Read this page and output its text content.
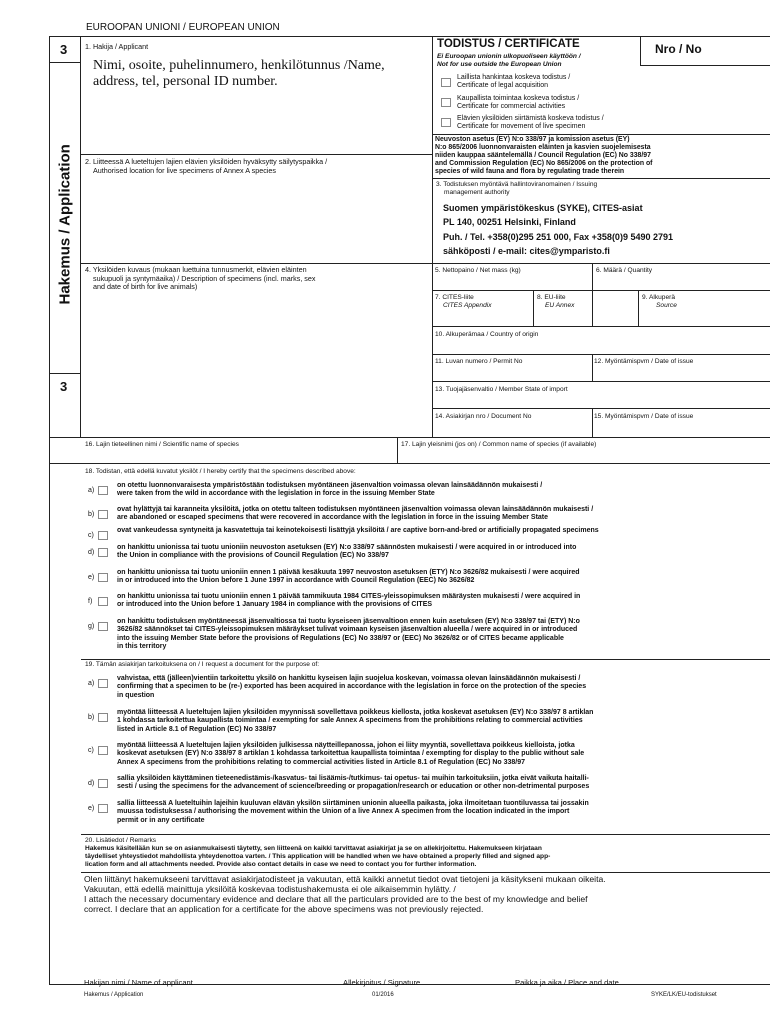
EUROOPAN UNIONI / EUROPEAN UNION
3
Hakemus / Application
3
1. Hakija / Applicant
Nimi, osoite, puhelinnumero, henkilötunnus /Name,
address, tel, personal ID number.
2. Liitteessä A lueteltujen lajien elävien yksilöiden hyväksytty säilytyspaikka /
Authorised location for live specimens of Annex A species
4. Yksilöiden kuvaus (mukaan luettuina tunnusmerkit, elävien eläinten
sukupuoli ja syntymäaika) / Description of specimens (incl. marks, sex
and date of birth for live animals)
TODISTUS / CERTIFICATE	Nro / No
Ei Euroopan unionin ulkopuoliseen käyttöön /
Not for use outside the European Union
Laillista hankintaa koskeva todistus /
Certificate of legal acquisition
Kaupallista toimintaa koskeva todistus /
Certificate for commercial activities
Elävien yksilöiden siirtämistä koskeva todistus /
Certificate for movement of live specimen
Neuvoston asetus (EY) N:o 338/97 ja komission asetus (EY)
N:o 865/2006 luonnonvaraisten eläinten ja kasvien suojelemisesta
niiden kauppaa sääntelemällä / Council Regulation (EC) No 338/97
and Commission Regulation (EC) No 865/2006 on the protection of
species of wild fauna and flora by regulating trade therein
3. Todistuksen myöntävä hallintoviranomainen / Issuing
management authority
Suomen ympäristökeskus (SYKE), CITES-asiat
PL 140, 00251 Helsinki, Finland
Puh. / Tel. +358(0)295 251 000, Fax +358(0)9 5490 2791
sähköposti / e-mail: cites@ymparisto.fi
5. Nettopaino / Net mass (kg)	6. Määrä / Quantity
7. CITES-liite
CITES Appendix
8. EU-liite
EU Annex
9. Alkuperä
Source
10. Alkuperämaa / Country of origin
11. Luvan numero / Permit No	12. Myöntämispvm / Date of issue
13. Tuojajäsenvaltio / Member State of import
14. Asiakirjan nro / Document No	15. Myöntämispvm / Date of issue
16. Lajin tieteellinen nimi / Scientific name of species	17. Lajin yleisnimi (jos on) / Common name of species (if available)
18. Todistan, että edellä kuvatut yksilöt / I hereby certify that the specimens described above:
a)
on otettu luonnonvaraisesta ympäristöstään todistuksen myöntäneen jäsenvaltion voimassa olevan lainsäädännön mukaisesti /
were taken from the wild in accordance with the legislation in force in the issuing Member State
b)
ovat hylättyjä tai karanneita yksilöitä, jotka on otettu talteen todistuksen myöntäneen jäsenvaltion voimassa olevan lainsäädännön mukaisesti /
are abandoned or escaped specimens that were recovered in accordance with the legislation in force in the issuing Member State
c)
ovat vankeudessa syntyneitä ja kasvatettuja tai keinotekoisesti lisättyjä yksilöitä / are captive born-and-bred or artificially propagated specimens
d)
on hankittu unionissa tai tuotu unioniin neuvoston asetuksen (EY) N:o 338/97 säännösten mukaisesti / were acquired in or introduced into
the Union in compliance with the provisions of Council Regulation (EC) No 338/97
e)
on hankittu unionissa tai tuotu unioniin ennen 1 päivää kesäkuuta 1997 neuvoston asetuksen (ETY) N:o 3626/82 mukaisesti / were acquired
in or introduced into the Union before 1 June 1997 in accordance with Council Regulation (EEC) No 3626/82
f)
on hankittu unionissa tai tuotu unioniin ennen 1 päivää tammikuuta 1984 CITES-yleissopimuksen määräysten mukaisesti / were acquired in
or introduced into the Union before 1 January 1984 in compliance with the provisions of CITES
g)
on hankittu todistuksen myöntäneessä jäsenvaltiossa tai tuotu kyseiseen jäsenvaltioon ennen kuin asetuksen (EY) N:o 338/97 tai (ETY) N:o
3626/82 säännökset tai CITES-yleissopimuksen määräykset tulivat voimaan kyseisen jäsenvaltion alueella / were acquired in or introduced
into the issuing Member State before the provisions of Regulations (EC) No 338/97 or (EEC) No 3626/82 or of CITES became applicable
in this territory
19. Tämän asiakirjan tarkoituksena on / I request a document for the purpose of:
a)
vahvistaa, että (jälleen)vientiin tarkoitettu yksilö on hankittu kyseisen lajin suojelua koskevan, voimassa olevan lainsäädännön mukaisesti /
confirming that a specimen to be (re-) exported has been acquired in accordance with the legislation in force on the protection of the species
in question
b)
myöntää liitteessä A lueteltujen lajien yksilöiden myynnissä sovellettava poikkeus kiellosta, jotka koskevat asetuksen (EY) N:o 338/97 8 artiklan
1 kohdassa tarkoitettua kaupallista toimintaa / exempting for sale Annex A specimens from the prohibitions relating to commercial activities
listed in Article 8.1 of Regulation (EC) No 338/97
c)
myöntää liitteessä A lueteltujen lajien yksilöiden julkisessa näytteillepanossa, johon ei liity myyntiä, sovellettava poikkeus kielloista, jotka
koskevat asetuksen (EY) N:o 338/97 8 artiklan 1 kohdassa tarkoitettua kaupallista toimintaa / exempting for display to the public without sale
Annex A specimens from the prohibitions relating to commercial activities listed in Article 8.1 of Regulation (EC) No 338/97
d)
sallia yksilöiden käyttäminen tieteenedistämis-/kasvatus- tai lisäämis-/tutkimus- tai opetus- tai muihin tarkoituksiin, jotka eivät vaikuta haitalli-
sesti / using the specimens for the advancement of science/breeding or propagation/research or education or other non-detrimental purposes
e)
sallia liitteessä A lueteltuihin lajeihin kuuluvan elävän yksilön siirtäminen unionin alueella paikasta, joka ilmoitetaan tuontiluvassa tai jossakin
muussa todistuksessa / authorising the movement within the Union of a live Annex A specimen from the location indicated in the import
permit or in any certificate
20. Lisätiedot / Remarks
Hakemus käsitellään kun se on asianmukaisesti täytetty, sen liitteenä on kaikki tarvittavat asiakirjat ja se on allekirjoitettu. Hakemukseen kirjataan
täydelliset yhteystiedot mahdollista yhteydenottoa varten. / This application will be handled when we have obtained a properly filled and signed app-
lication form and all attachments needed. Provide also contact details in case we need to contact you for further information.
Olen liittänyt hakemukseeni tarvittavat asiakirjatodisteet ja vakuutan, että kaikki annetut tiedot ovat tietojeni ja käsitykseni mukaan oikeita.
Vakuutan, että edellä mainittuja yksilöitä koskevaa todistushakemusta ei ole aikaisemmin hylätty. /
I attach the necessary documentary evidence and declare that all the particulars provided are to the best of my knowledge and belief
correct. I declare that an application for a certificate for the above specimens was not previously rejected.
Hakijan nimi / Name of applicant	Allekirjoitus / Signature	Paikka ja aika / Place and date
Hakemus / Application	01/2016	SYKE/LK/EU-todistukset
